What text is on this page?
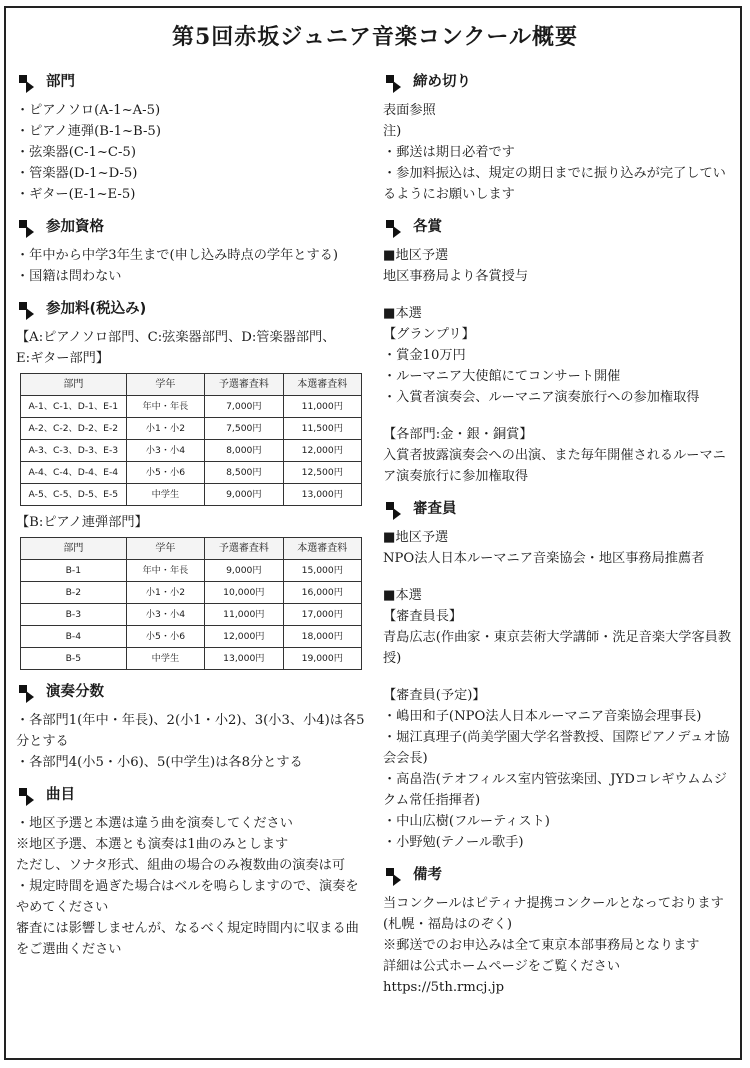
第5回赤坂ジュニア音楽コンクール概要
部門
・ピアノソロ(A-1~A-5)
・ピアノ連弾(B-1~B-5)
・弦楽器(C-1~C-5)
・管楽器(D-1~D-5)
・ギター(E-1~E-5)
参加資格
・年中から中学3年生まで(申し込み時点の学年とする)
・国籍は問わない
参加料(税込み)
【A:ピアノソロ部門、C:弦楽器部門、D:管楽器部門、
E:ギター部門】
部門	学年	予選審査料	本選審査料
A-1、C-1、D-1、E-1	年中・年長	7,000円	11,000円
A-2、C-2、D-2、E-2	小1・小2	7,500円	11,500円
A-3、C-3、D-3、E-3	小3・小4	8,000円	12,000円
A-4、C-4、D-4、E-4	小5・小6	8,500円	12,500円
A-5、C-5、D-5、E-5	中学生	9,000円	13,000円
【B:ピアノ連弾部門】
部門	学年	予選審査料	本選審査料
B-1	年中・年長	9,000円	15,000円
B-2	小1・小2	10,000円	16,000円
B-3	小3・小4	11,000円	17,000円
B-4	小5・小6	12,000円	18,000円
B-5	中学生	13,000円	19,000円
演奏分数
・各部門1(年中・年長)、2(小1・小2)、3(小3、小4)は各5分とする
・各部門4(小5・小6)、5(中学生)は各8分とする
曲目
・地区予選と本選は違う曲を演奏してください
※地区予選、本選とも演奏は1曲のみとします
ただし、ソナタ形式、組曲の場合のみ複数曲の演奏は可
・規定時間を過ぎた場合はベルを鳴らしますので、演奏をやめてください
審査には影響しませんが、なるべく規定時間内に収まる曲をご選曲ください
締め切り
表面参照
注)
・郵送は期日必着です
・参加料振込は、規定の期日までに振り込みが完了しているようにお願いします
各賞
■地区予選
地区事務局より各賞授与
■本選
【グランプリ】
・賞金10万円
・ルーマニア大使館にてコンサート開催
・入賞者演奏会、ルーマニア演奏旅行への参加権取得
【各部門:金・銀・銅賞】
入賞者披露演奏会への出演、また毎年開催されるルーマニア演奏旅行に参加権取得
審査員
■地区予選
NPO法人日本ルーマニア音楽協会・地区事務局推薦者
■本選
【審査員長】
青島広志(作曲家・東京芸術大学講師・洗足音楽大学客員教授)
【審査員(予定)】
・嶋田和子(NPO法人日本ルーマニア音楽協会理事長)
・堀江真理子(尚美学園大学名誉教授、国際ピアノデュオ協会会長)
・高畠浩(テオフィルス室内管弦楽団、JYDコレギウムムジクム常任指揮者)
・中山広樹(フルーティスト)
・小野勉(テノール歌手)
備考
当コンクールはピティナ提携コンクールとなっております(札幌・福島はのぞく)
※郵送でのお申込みは全て東京本部事務局となります
詳細は公式ホームページをご覧ください
https://5th.rmcj.jp
